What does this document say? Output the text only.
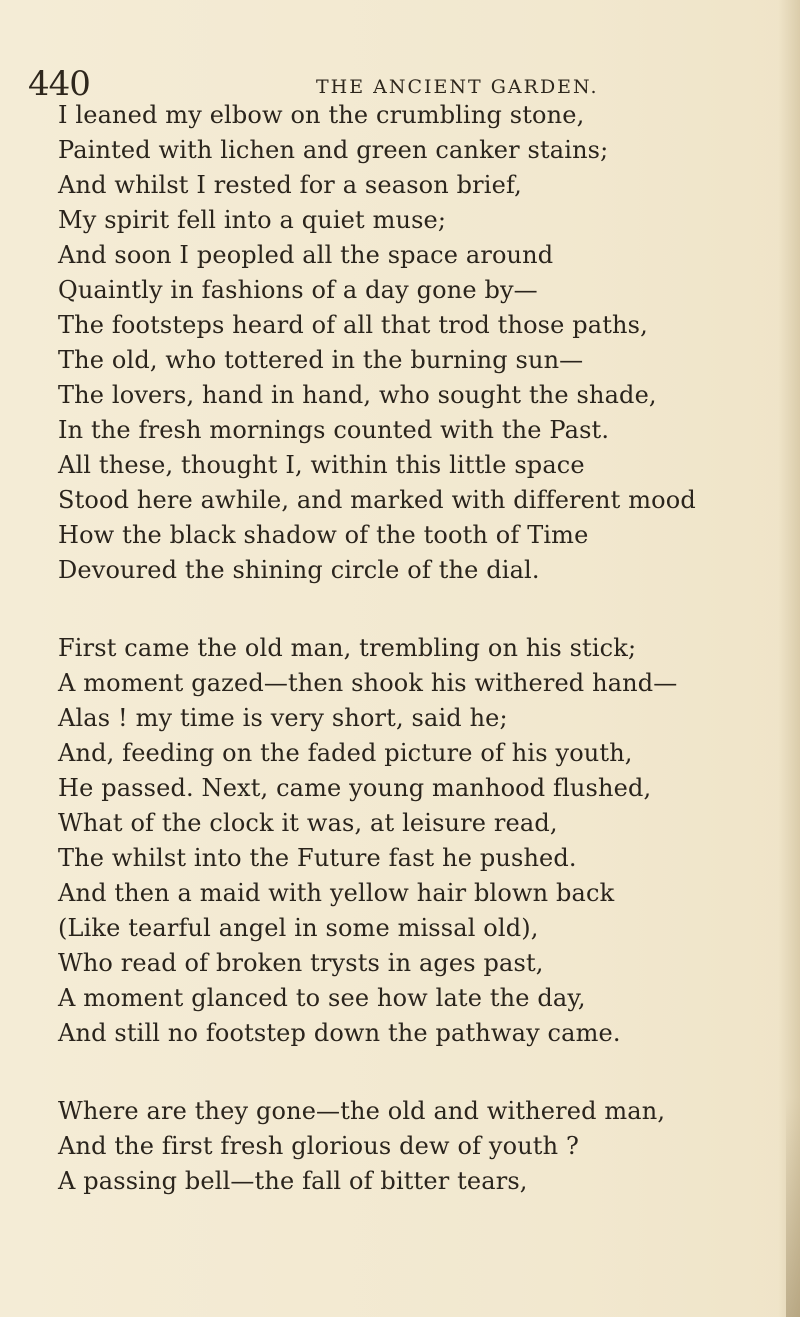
440	THE ANCIENT GARDEN.
I leaned my elbow on the crumbling stone,
Painted with lichen and green canker stains;
And whilst I rested for a season brief,
My spirit fell into a quiet muse;
And soon I peopled all the space around
Quaintly in fashions of a day gone by—
The footsteps heard of all that trod those paths,
The old, who tottered in the burning sun—
The lovers, hand in hand, who sought the shade,
In the fresh mornings counted with the Past.
All these, thought I, within this little space
Stood here awhile, and marked with different mood
How the black shadow of the tooth of Time
Devoured the shining circle of the dial.
First came the old man, trembling on his stick;
A moment gazed—then shook his withered hand—
Alas ! my time is very short, said he;
And, feeding on the faded picture of his youth,
He passed. Next, came young manhood flushed,
What of the clock it was, at leisure read,
The whilst into the Future fast he pushed.
And then a maid with yellow hair blown back
(Like tearful angel in some missal old),
Who read of broken trysts in ages past,
A moment glanced to see how late the day,
And still no footstep down the pathway came.
Where are they gone—the old and withered man,
And the first fresh glorious dew of youth ?
A passing bell—the fall of bitter tears,
